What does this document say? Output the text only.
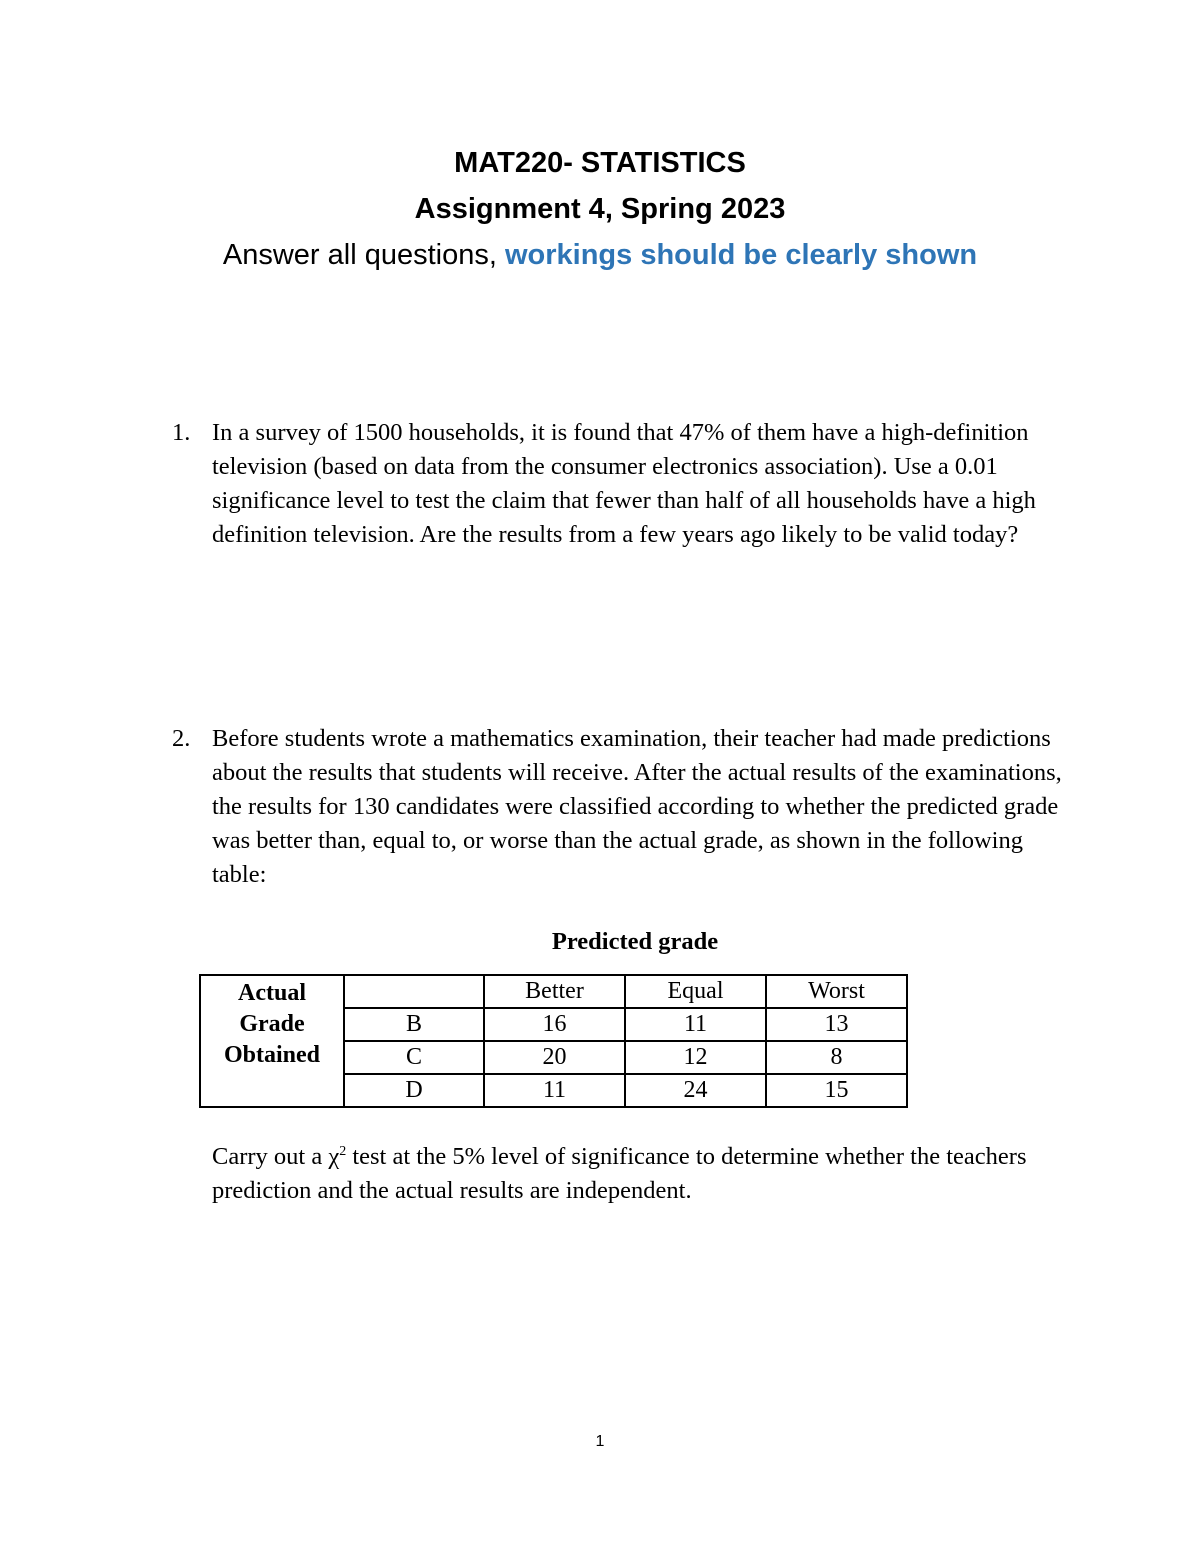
MAT220- STATISTICS
Assignment 4, Spring 2023
Answer all questions, workings should be clearly shown
1. In a survey of 1500 households, it is found that 47% of them have a high-definition television (based on data from the consumer electronics association). Use a 0.01 significance level to test the claim that fewer than half of all households have a high definition television. Are the results from a few years ago likely to be valid today?
2. Before students wrote a mathematics examination, their teacher had made predictions about the results that students will receive. After the actual results of the examinations, the results for 130 candidates were classified according to whether the predicted grade was better than, equal to, or worse than the actual grade, as shown in the following table:
Predicted grade
Actual
Grade
Obtained		Better	Equal	Worst
	B	16	11	13
	C	20	12	8
	D	11	24	15
Carry out a $\chi^2$ test at the 5% level of significance to determine whether the teachers prediction and the actual results are independent.
1
